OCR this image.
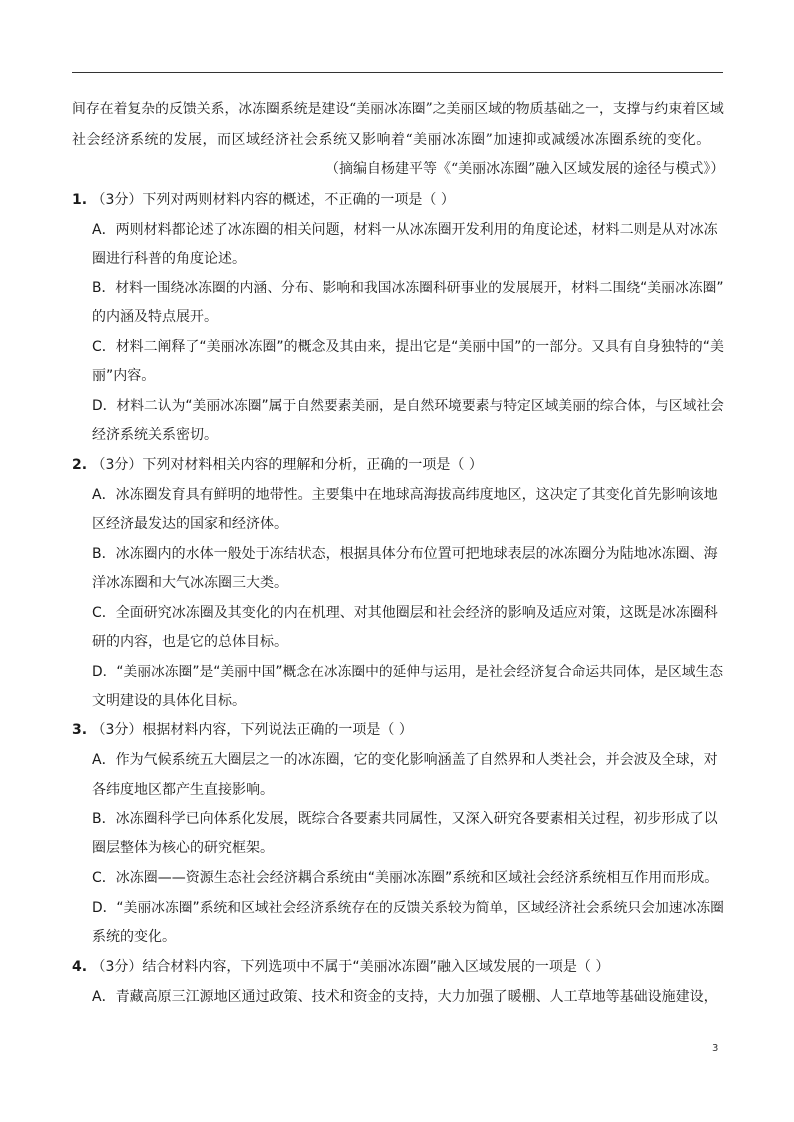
间存在着复杂的反馈关系，冰冻圈系统是建设“美丽冰冻圈”之美丽区域的物质基础之一，支撑与约束着区域
社会经济系统的发展，而区域经济社会系统又影响着“美丽冰冻圈”加速抑或减缓冰冻圈系统的变化。
（摘编自杨建平等《“美丽冰冻圈”融入区域发展的途径与模式》）
1. （3分）下列对两则材料内容的概述，不正确的一项是（ ）
A．两则材料都论述了冰冻圈的相关问题，材料一从冰冻圈开发利用的角度论述，材料二则是从对冰冻
圈进行科普的角度论述。
B．材料一围绕冰冻圈的内涵、分布、影响和我国冰冻圈科研事业的发展展开，材料二围绕“美丽冰冻圈”
的内涵及特点展开。
C．材料二阐释了“美丽冰冻圈”的概念及其由来，提出它是“美丽中国”的一部分。又具有自身独特的“美
丽”内容。
D．材料二认为“美丽冰冻圈”属于自然要素美丽，是自然环境要素与特定区域美丽的综合体，与区域社会
经济系统关系密切。
2. （3分）下列对材料相关内容的理解和分析，正确的一项是（ ）
A．冰冻圈发育具有鲜明的地带性。主要集中在地球高海拔高纬度地区，这决定了其变化首先影响该地
区经济最发达的国家和经济体。
B．冰冻圈内的水体一般处于冻结状态，根据具体分布位置可把地球表层的冰冻圈分为陆地冰冻圈、海
洋冰冻圈和大气冰冻圈三大类。
C．全面研究冰冻圈及其变化的内在机理、对其他圈层和社会经济的影响及适应对策，这既是冰冻圈科
研的内容，也是它的总体目标。
D．“美丽冰冻圈”是“美丽中国”概念在冰冻圈中的延伸与运用，是社会经济复合命运共同体，是区域生态
文明建设的具体化目标。
3. （3分）根据材料内容，下列说法正确的一项是（ ）
A．作为气候系统五大圈层之一的冰冻圈，它的变化影响涵盖了自然界和人类社会，并会波及全球，对
各纬度地区都产生直接影响。
B．冰冻圈科学已向体系化发展，既综合各要素共同属性，又深入研究各要素相关过程，初步形成了以
圈层整体为核心的研究框架。
C．冰冻圈——资源生态社会经济耦合系统由“美丽冰冻圈”系统和区域社会经济系统相互作用而形成。
D．“美丽冰冻圈”系统和区域社会经济系统存在的反馈关系较为简单，区域经济社会系统只会加速冰冻圈
系统的变化。
4. （3分）结合材料内容，下列选项中不属于“美丽冰冻圈”融入区域发展的一项是（ ）
A．青藏高原三江源地区通过政策、技术和资金的支持，大力加强了暖棚、人工草地等基础设施建设，
3
